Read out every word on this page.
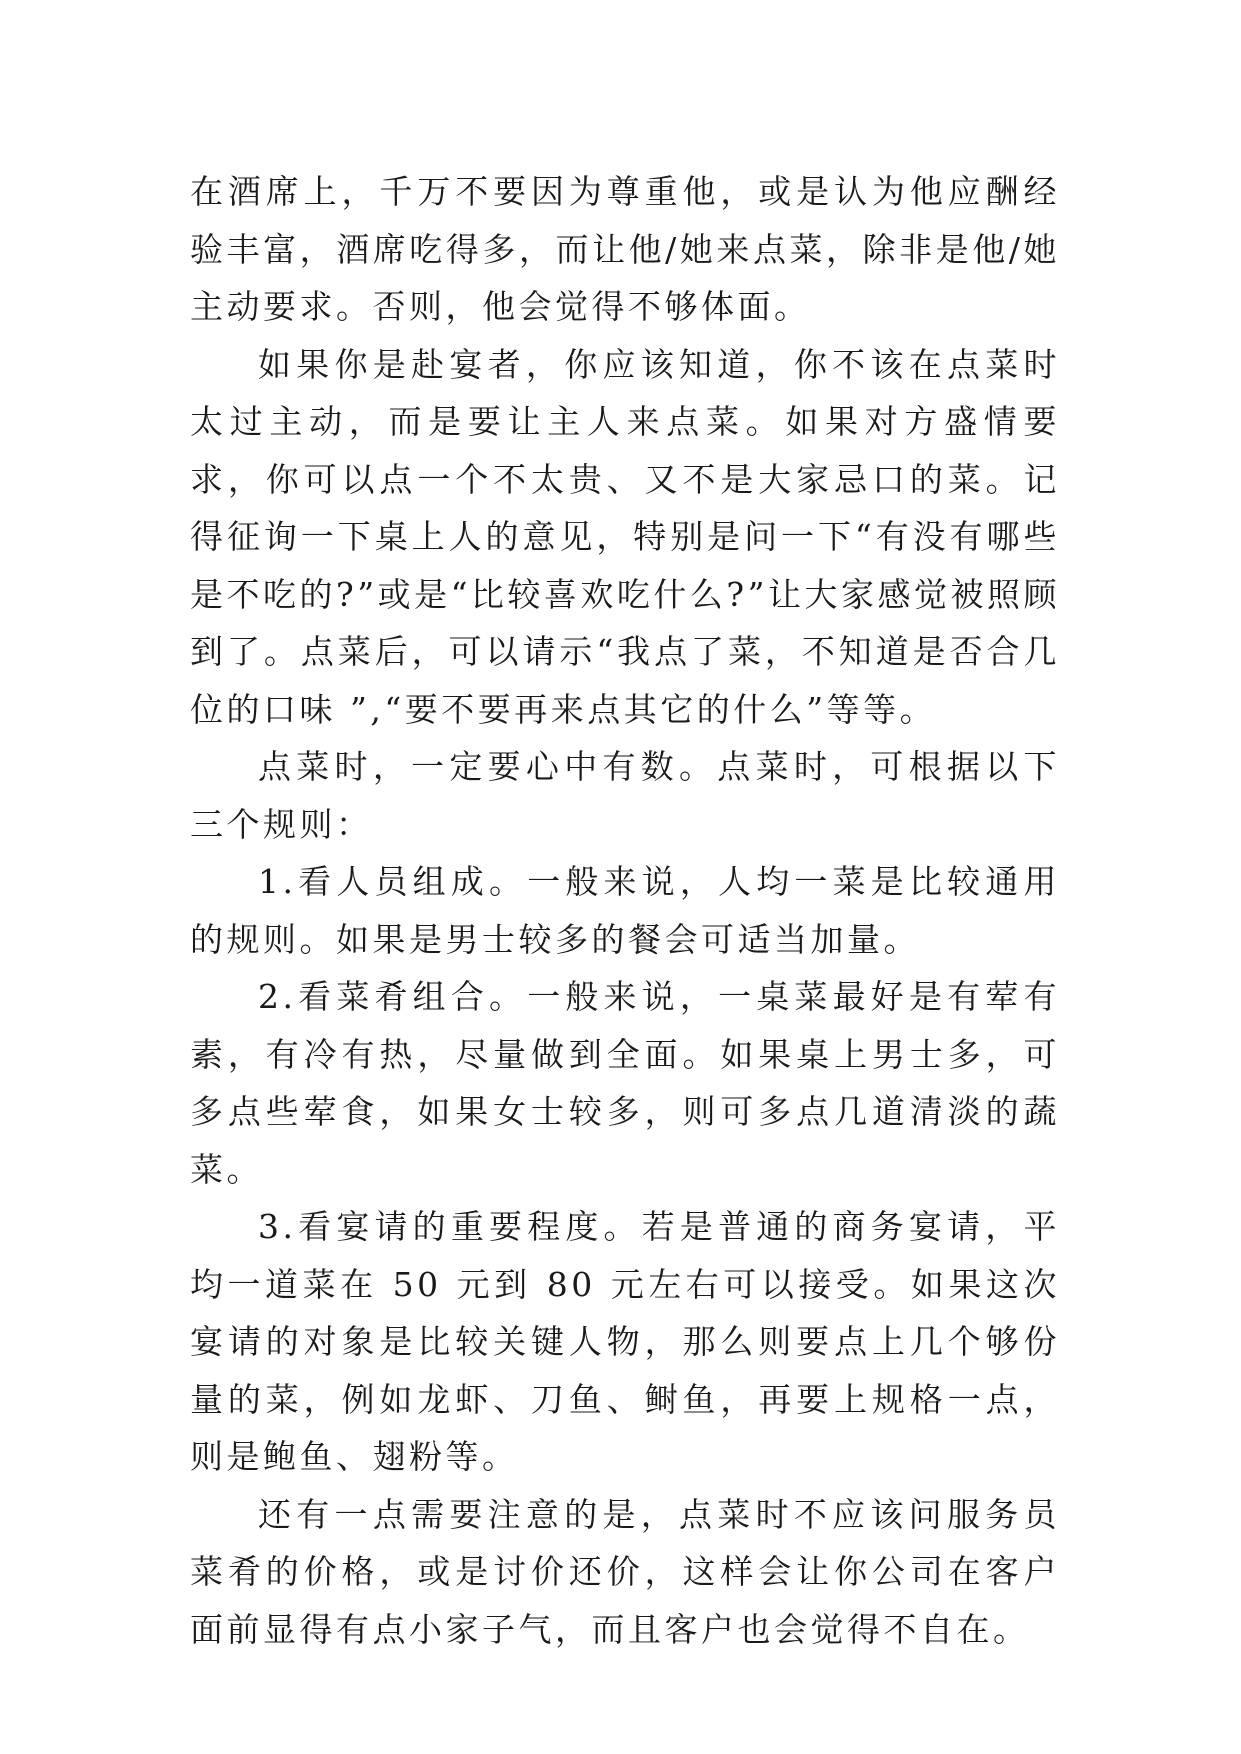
在酒席上，千万不要因为尊重他，或是认为他应酬经验丰富，酒席吃得多，而让他/她来点菜，除非是他/她主动要求。否则，他会觉得不够体面。

如果你是赴宴者，你应该知道，你不该在点菜时太过主动，而是要让主人来点菜。如果对方盛情要求，你可以点一个不太贵、又不是大家忌口的菜。记得征询一下桌上人的意见，特别是问一下“有没有哪些是不吃的?”或是“比较喜欢吃什么?”让大家感觉被照顾到了。点菜后，可以请示“我点了菜，不知道是否合几位的口味 ”,“要不要再来点其它的什么”等等。

点菜时，一定要心中有数。点菜时，可根据以下三个规则：

1.看人员组成。一般来说，人均一菜是比较通用的规则。如果是男士较多的餐会可适当加量。

2.看菜肴组合。一般来说，一桌菜最好是有荤有素，有冷有热，尽量做到全面。如果桌上男士多，可多点些荤食，如果女士较多，则可多点几道清淡的蔬菜。

3.看宴请的重要程度。若是普通的商务宴请，平均一道菜在 50 元到 80 元左右可以接受。如果这次宴请的对象是比较关键人物，那么则要点上几个够份量的菜，例如龙虾、刀鱼、鲥鱼，再要上规格一点，则是鲍鱼、翅粉等。

还有一点需要注意的是，点菜时不应该问服务员菜肴的价格，或是讨价还价，这样会让你公司在客户面前显得有点小家子气，而且客户也会觉得不自在。
